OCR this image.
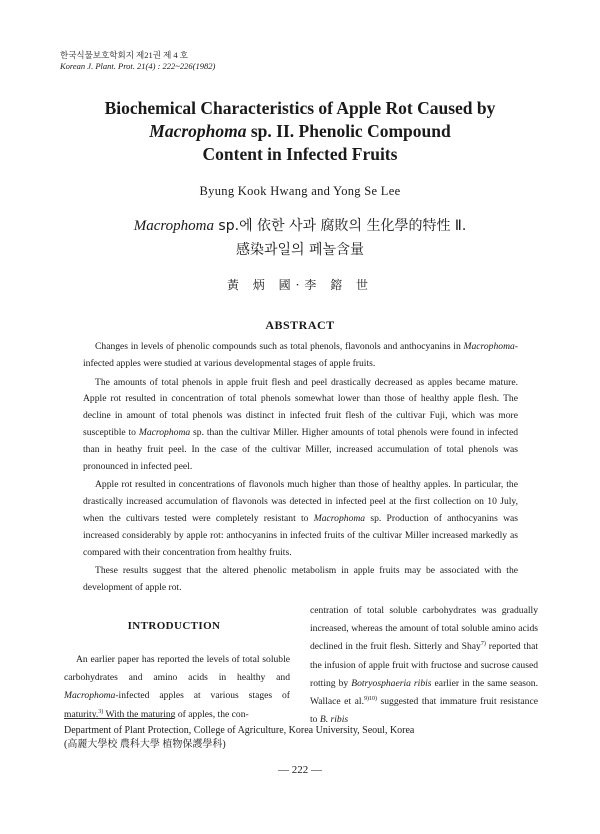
한국식물보호학회지 제21권 제 4 호
Korean J. Plant. Prot. 21(4) : 222~226(1982)
Biochemical Characteristics of Apple Rot Caused by
Macrophoma sp. II. Phenolic Compound
Content in Infected Fruits
Byung Kook Hwang and Yong Se Lee
Macrophoma sp.에 依한 사과 腐敗의 生化學的特性 Ⅱ.
感染과일의 페놀含量
黃 炳 國·李 鎔 世
ABSTRACT

Changes in levels of phenolic compounds such as total phenols, flavonols and anthocyanins in Macrophoma-infected apples were studied at various developmental stages of apple fruits.

The amounts of total phenols in apple fruit flesh and peel drastically decreased as apples became mature. Apple rot resulted in concentration of total phenols somewhat lower than those of healthy apple flesh. The decline in amount of total phenols was distinct in infected fruit flesh of the cultivar Fuji, which was more susceptible to Macrophoma sp. than the cultivar Miller. Higher amounts of total phenols were found in infected than in heathy fruit peel. In the case of the cultivar Miller, increased accumulation of total phenols was pronounced in infected peel.

Apple rot resulted in concentrations of flavonols much higher than those of healthy apples. In particular, the drastically increased accumulation of flavonols was detected in infected peel at the first collection on 10 July, when the cultivars tested were completely resistant to Macrophoma sp. Production of anthocyanins was increased considerably by apple rot: anthocyanins in infected fruits of the cultivar Miller increased markedly as compared with their concentration from healthy fruits.

These results suggest that the altered phenolic metabolism in apple fruits may be associated with the development of apple rot.

INTRODUCTION

An earlier paper has reported the levels of total soluble carbohydrates and amino acids in healthy and Macrophoma-infected apples at various stages of maturity.$^{3)}$ With the maturing of apples, the con-

centration of total soluble carbohydrates was gradually increased, whereas the amount of total soluble amino acids declined in the fruit flesh. Sitterly and Shay$^{7)}$ reported that the infusion of apple fruit with fructose and sucrose caused rotting by Botryosphaeria ribis earlier in the same season. Wallace et al.$^{9)10)}$ suggested that immature fruit resistance to B. ribis

Department of Plant Protection, College of Agriculture, Korea University, Seoul, Korea
(高麗大學校 農科大學 植物保護學科)
— 222 —
